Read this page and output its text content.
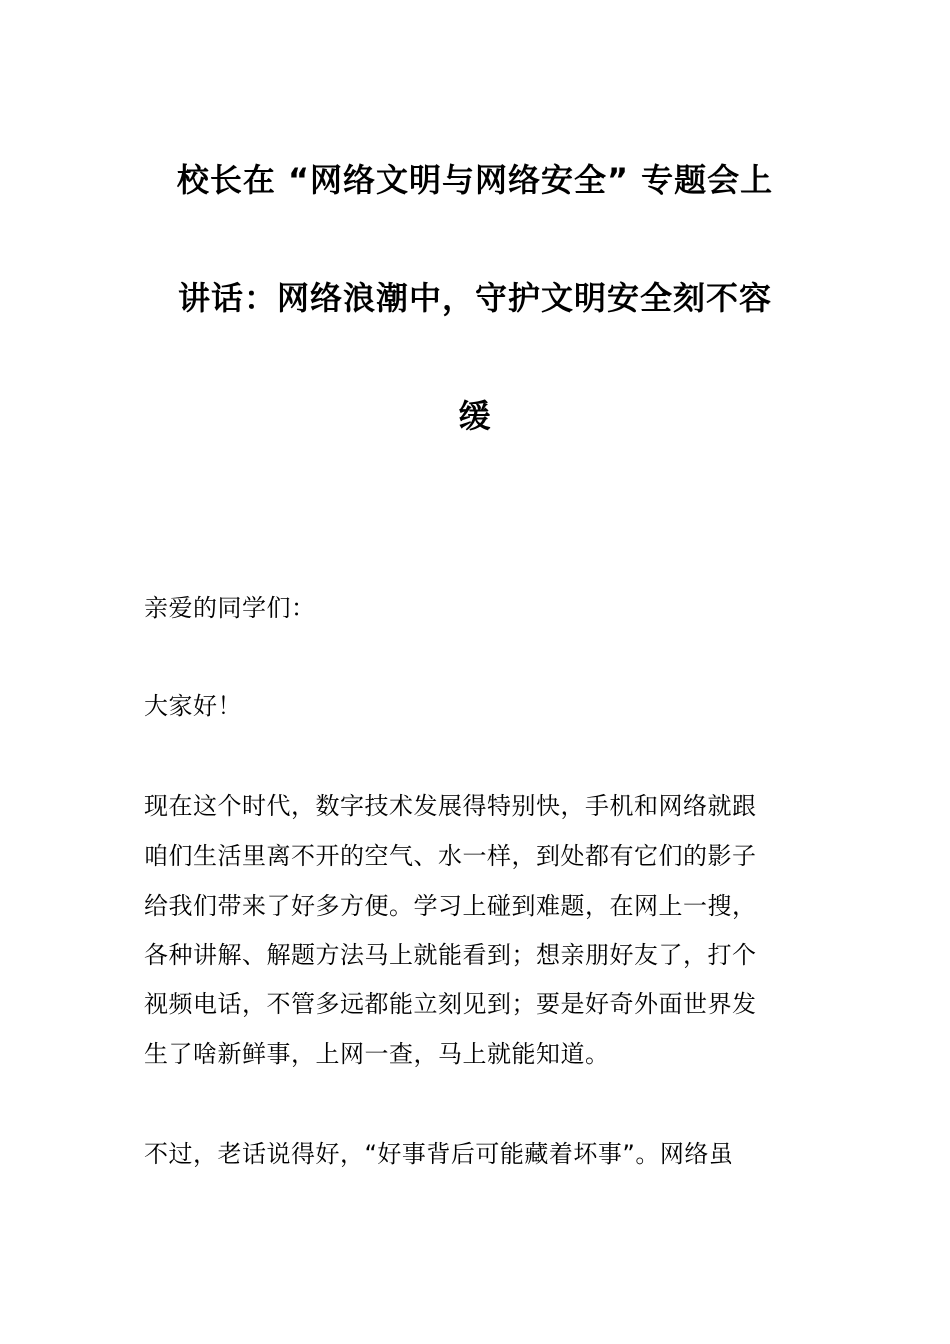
校长在 “网络文明与网络安全” 专题会上
讲话：网络浪潮中，守护文明安全刻不容
缓
亲爱的同学们：
大家好！
现在这个时代，数字技术发展得特别快，手机和网络就跟
咱们生活里离不开的空气、水一样，到处都有它们的影子
给我们带来了好多方便。学习上碰到难题，在网上一搜，
各种讲解、解题方法马上就能看到；想亲朋好友了，打个
视频电话，不管多远都能立刻见到；要是好奇外面世界发
生了啥新鲜事，上网一查，马上就能知道。
不过，老话说得好，“好事背后可能藏着坏事”。网络虽
